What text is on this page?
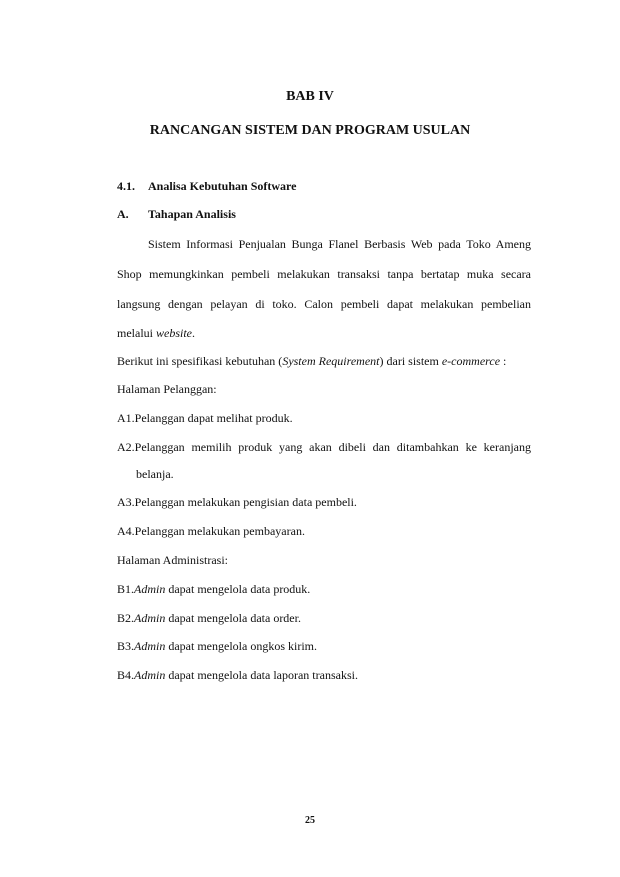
BAB IV
RANCANGAN SISTEM DAN PROGRAM USULAN
4.1. Analisa Kebutuhan Software
A. Tahapan Analisis
Sistem Informasi Penjualan Bunga Flanel Berbasis Web pada Toko Ameng
Shop memungkinkan pembeli melakukan transaksi tanpa bertatap muka secara
langsung dengan pelayan di toko. Calon pembeli dapat melakukan pembelian
melalui website.
Berikut ini spesifikasi kebutuhan (System Requirement) dari sistem e-commerce :
Halaman Pelanggan:
A1.Pelanggan dapat melihat produk.
A2.Pelanggan memilih produk yang akan dibeli dan ditambahkan ke keranjang
belanja.
A3.Pelanggan melakukan pengisian data pembeli.
A4.Pelanggan melakukan pembayaran.
Halaman Administrasi:
B1.Admin dapat mengelola data produk.
B2.Admin dapat mengelola data order.
B3.Admin dapat mengelola ongkos kirim.
B4.Admin dapat mengelola data laporan transaksi.
25
